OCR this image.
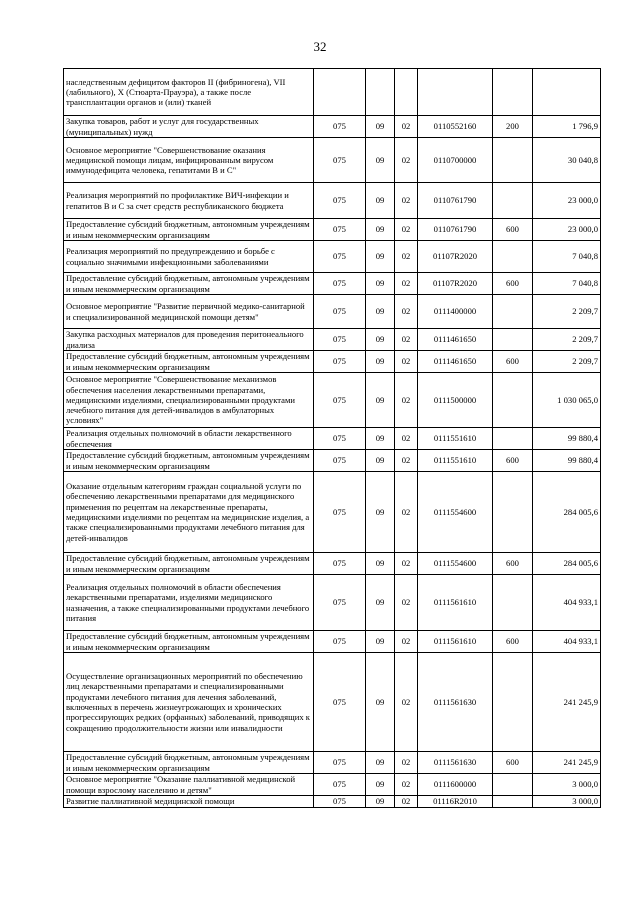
32
наследственным дефицитом факторов II (фибриногена), VII (лабильного), X (Стюарта-Прауэра), а также после трансплантации органов и (или) тканей						
Закупка товаров, работ и услуг для государственных (муниципальных) нужд	075	09	02	0110552160	200	1 796,9
Основное мероприятие "Совершенствование оказания медицинской помощи лицам, инфицированным вирусом иммунодефицита человека, гепатитами B и C"	075	09	02	0110700000		30 040,8
Реализация мероприятий по профилактике ВИЧ-инфекции и гепатитов B и C за счет средств республиканского бюджета	075	09	02	0110761790		23 000,0
Предоставление субсидий бюджетным, автономным учреждениям и иным некоммерческим организациям	075	09	02	0110761790	600	23 000,0
Реализация мероприятий по предупреждению и борьбе с социально значимыми инфекционными заболеваниями	075	09	02	01107R2020		7 040,8
Предоставление субсидий бюджетным, автономным учреждениям и иным некоммерческим организациям	075	09	02	01107R2020	600	7 040,8
Основное мероприятие "Развитие первичной медико-санитарной и специализированной медицинской помощи детям"	075	09	02	0111400000		2 209,7
Закупка расходных материалов для проведения перитонеального диализа	075	09	02	0111461650		2 209,7
Предоставление субсидий бюджетным, автономным учреждениям и иным некоммерческим организациям	075	09	02	0111461650	600	2 209,7
Основное мероприятие "Совершенствование механизмов обеспечения населения лекарственными препаратами, медицинскими изделиями, специализированными продуктами лечебного питания для детей-инвалидов в амбулаторных условиях"	075	09	02	0111500000		1 030 065,0
Реализация отдельных полномочий в области лекарственного обеспечения	075	09	02	0111551610		99 880,4
Предоставление субсидий бюджетным, автономным учреждениям и иным некоммерческим организациям	075	09	02	0111551610	600	99 880,4
Оказание отдельным категориям граждан социальной услуги по обеспечению лекарственными препаратами для медицинского применения по рецептам на лекарственные препараты, медицинскими изделиями по рецептам на медицинские изделия, а также специализированными продуктами лечебного питания для детей-инвалидов	075	09	02	0111554600		284 005,6
Предоставление субсидий бюджетным, автономным учреждениям и иным некоммерческим организациям	075	09	02	0111554600	600	284 005,6
Реализация отдельных полномочий в области обеспечения лекарственными препаратами, изделиями медицинского назначения, а также специализированными продуктами лечебного питания	075	09	02	0111561610		404 933,1
Предоставление субсидий бюджетным, автономным учреждениям и иным некоммерческим организациям	075	09	02	0111561610	600	404 933,1
Осуществление организационных мероприятий по обеспечению лиц лекарственными препаратами и специализированными продуктами лечебного питания для лечения заболеваний, включенных в перечень жизнеугрожающих и хронических прогрессирующих редких (орфанных) заболеваний, приводящих к сокращению продолжительности жизни или инвалидности	075	09	02	0111561630		241 245,9
Предоставление субсидий бюджетным, автономным учреждениям и иным некоммерческим организациям	075	09	02	0111561630	600	241 245,9
Основное мероприятие "Оказание паллиативной медицинской помощи взрослому населению и детям"	075	09	02	0111600000		3 000,0
Развитие паллиативной медицинской помощи	075	09	02	01116R2010		3 000,0
